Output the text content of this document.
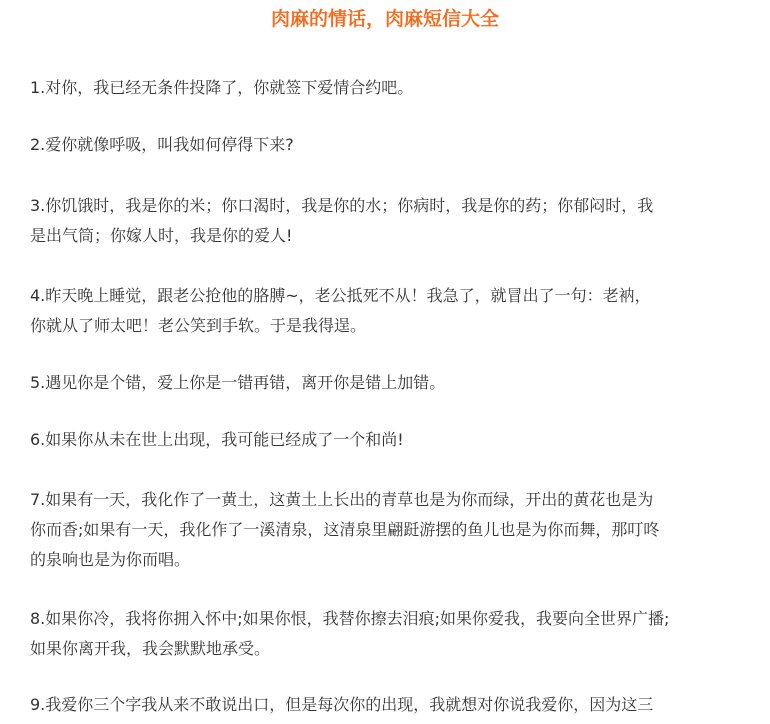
肉麻的情话，肉麻短信大全

1.对你，我已经无条件投降了，你就签下爱情合约吧。

2.爱你就像呼吸，叫我如何停得下来?

3.你饥饿时，我是你的米；你口渴时，我是你的水；你病时，我是你的药；你郁闷时，我
是出气筒；你嫁人时，我是你的爱人!

4.昨天晚上睡觉，跟老公抢他的胳膊~，老公抵死不从！我急了，就冒出了一句：老衲，
你就从了师太吧！老公笑到手软。于是我得逞。

5.遇见你是个错，爱上你是一错再错，离开你是错上加错。

6.如果你从未在世上出现，我可能已经成了一个和尚!

7.如果有一天，我化作了一黄土，这黄土上长出的青草也是为你而绿，开出的黄花也是为
你而香;如果有一天，我化作了一溪清泉，这清泉里翩跹游摆的鱼儿也是为你而舞，那叮咚
的泉响也是为你而唱。

8.如果你冷，我将你拥入怀中;如果你恨，我替你擦去泪痕;如果你爱我，我要向全世界广播;
如果你离开我，我会默默地承受。

9.我爱你三个字我从来不敢说出口，但是每次你的出现，我就想对你说我爱你，因为这三
